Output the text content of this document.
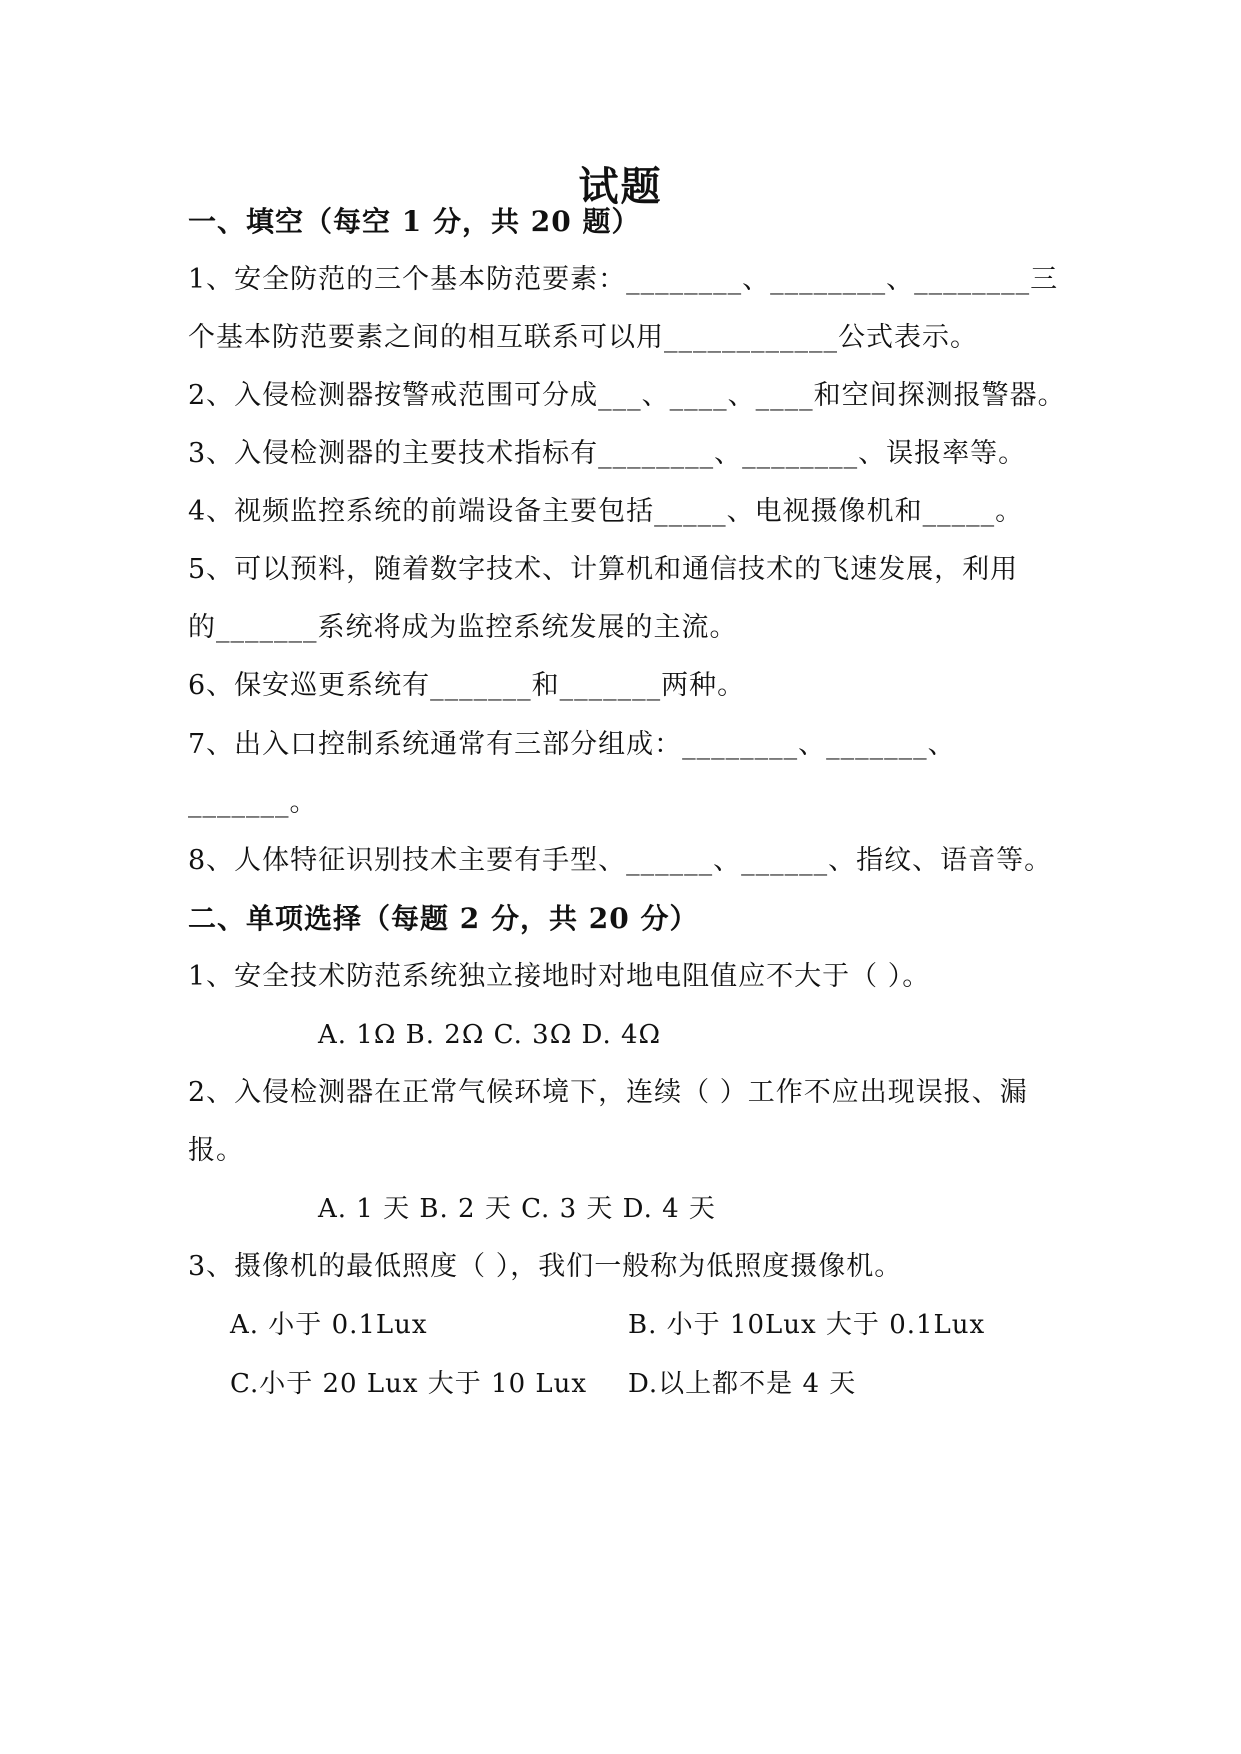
试题
一、填空（每空 1 分，共 20 题）
1、安全防范的三个基本防范要素：________、________、________三
个基本防范要素之间的相互联系可以用____________公式表示。
2、入侵检测器按警戒范围可分成___、____、____和空间探测报警器。
3、入侵检测器的主要技术指标有________、________、误报率等。
4、视频监控系统的前端设备主要包括_____、电视摄像机和_____。
5、可以预料，随着数字技术、计算机和通信技术的飞速发展，利用
的_______系统将成为监控系统发展的主流。
6、保安巡更系统有_______和_______两种。
7、出入口控制系统通常有三部分组成：________、_______、
_______。
8、人体特征识别技术主要有手型、______、______、指纹、语音等。
二、单项选择（每题 2 分，共 20 分）
1、安全技术防范系统独立接地时对地电阻值应不大于（ ）。
A. 1Ω B. 2Ω C. 3Ω D. 4Ω
2、入侵检测器在正常气候环境下，连续（ ）工作不应出现误报、漏
报。
A. 1 天 B. 2 天 C. 3 天 D. 4 天
3、摄像机的最低照度（ ），我们一般称为低照度摄像机。
A. 小于 0.1Lux	B. 小于 10Lux 大于 0.1Lux
C.小于 20 Lux 大于 10 Lux D.以上都不是 4 天
